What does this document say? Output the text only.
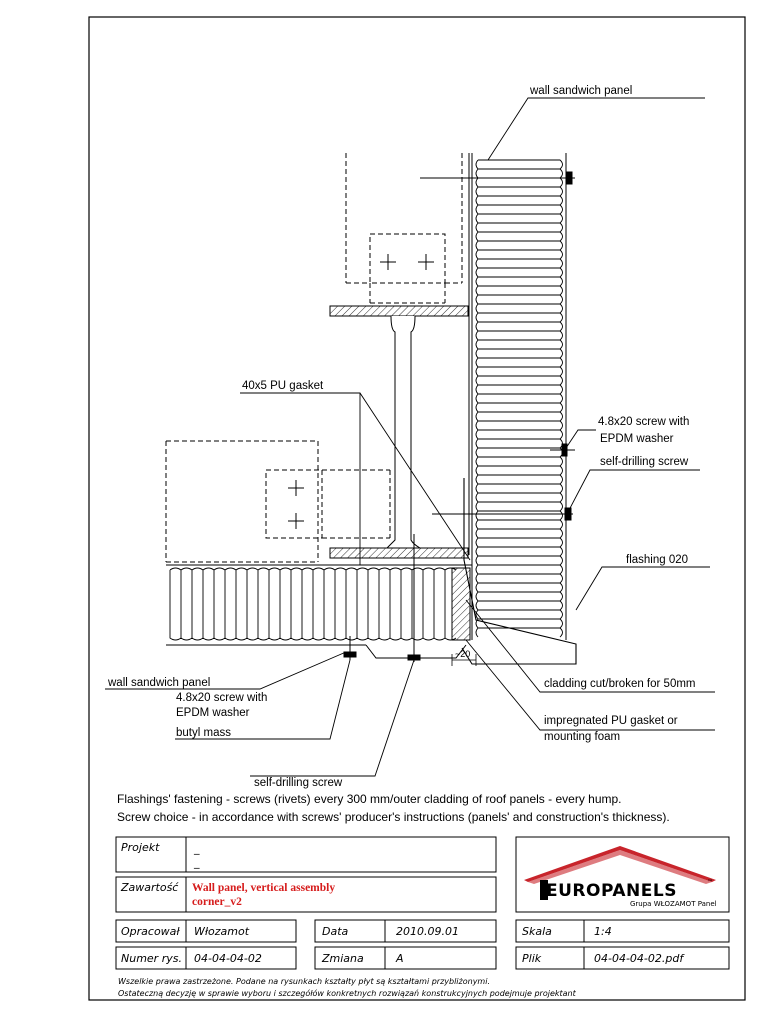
wall sandwich panel
40x5 PU gasket
4.8x20 screw with
EPDM washer
self-drilling screw
flashing 020
wall sandwich panel
4.8x20 screw with
EPDM washer
butyl mass
cladding cut/broken for 50mm
impregnated PU gasket or
mounting foam
self-drilling screw
~20
Flashings' fastening - screws (rivets) every 300 mm/outer cladding of roof panels - every hump.
Screw choice - in accordance with screws' producer's instructions (panels' and construction's thickness).
Projekt	_
_
Zawartość Wall panel, vertical assembly
corner_v2
Opracował Włozamot	Data	2010.09.01	Skala	1:4
Numer rys. 04-04-04-02	Zmiana	A	Plik	04-04-04-02.pdf
EUROPANELS	™
Grupa WŁOZAMOT Panel
Wszelkie prawa zastrzeżone. Podane na rysunkach kształty płyt są kształtami przybliżonymi.
Ostateczną decyzję w sprawie wyboru i szczegółów konkretnych rozwiązań konstrukcyjnych podejmuje projektant
